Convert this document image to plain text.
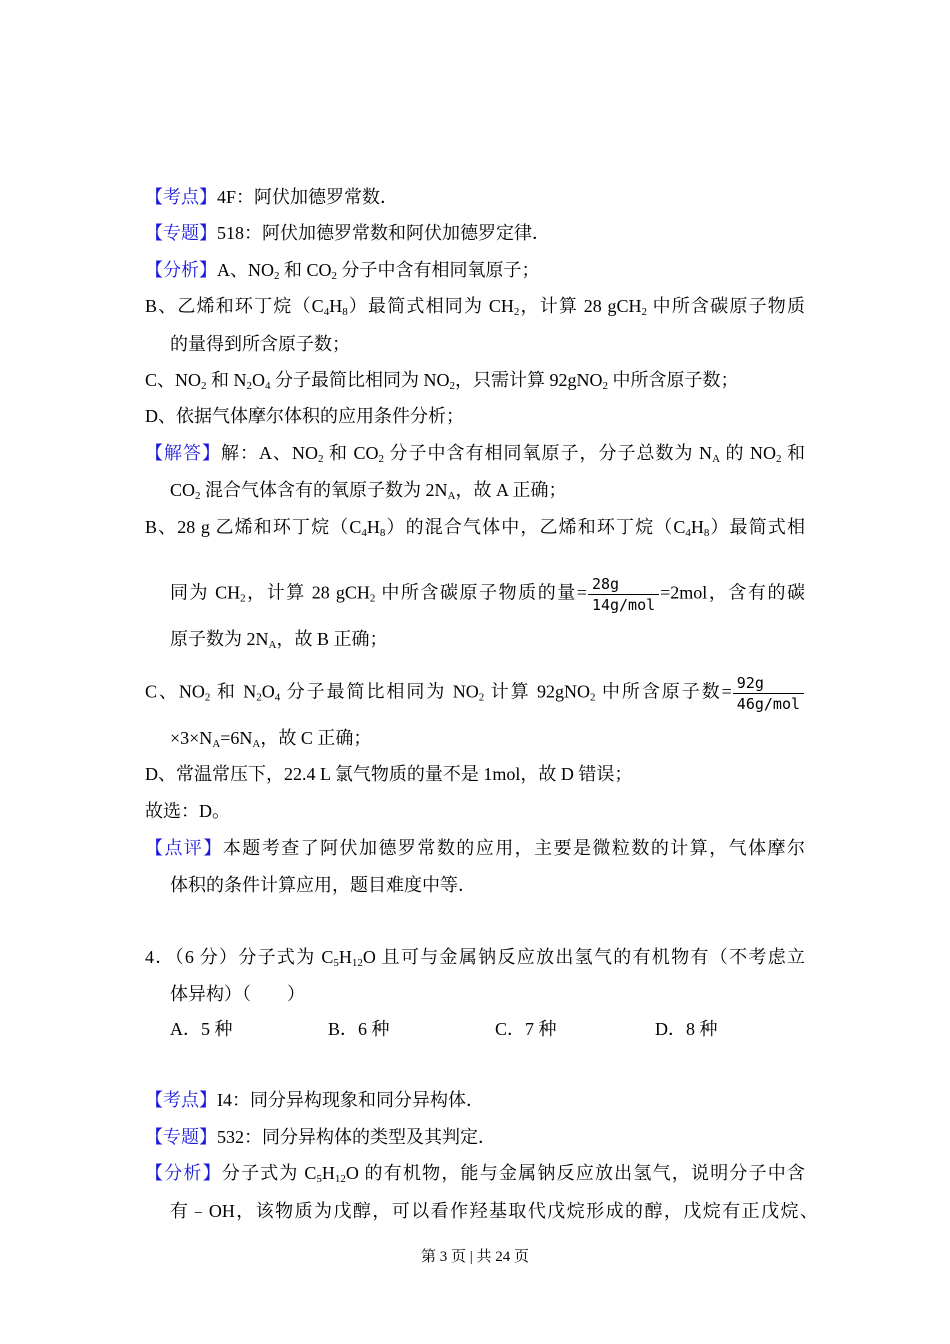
【考点】4F：阿伏加德罗常数．
【专题】518：阿伏加德罗常数和阿伏加德罗定律．
【分析】A、$NO_2$ 和 $CO_2$ 分子中含有相同氧原子；
B、乙烯和环丁烷$(C_4H_8)$最简式相同为 $CH_2$，计算 28 gCH$_2$ 中所含碳原子物质
的量得到所含原子数；
C、$NO_2$ 和 $N_2O_4$ 分子最简比相同为 $NO_2$，只需计算 92gNO$_2$ 中所含原子数；
D、依据气体摩尔体积的应用条件分析；
【解答】解：A、$NO_2$ 和 $CO_2$ 分子中含有相同氧原子，分子总数为 $N_A$ 的 $NO_2$ 和
$CO_2$ 混合气体含有的氧原子数为 $2N_A$，故 A 正确；
B、28 g 乙烯和环丁烷$(C_4H_8)$的混合气体中，乙烯和环丁烷$(C_4H_8)$最简式相
同为 $CH_2$，计算 28 gCH$_2$ 中所含碳原子物质的量= $\frac{28g}{\text{14g/mol}} =2mol$，含有的碳
原子数为 $2N_A$，故 B 正确；
C、$NO_2$ 和 $N_2O_4$ 分子最简比相同为 $NO_2$ 计算 92gNO$_2$ 中所含原子数= $\frac{92g}{\text{46g/mol}}$
$\times 3\times N_A=6N_A$，故 C 正确；
D、常温常压下，22.4 L 氯气物质的量不是 1mol，故 D 错误；
故选：D。
【点评】本题考查了阿伏加德罗常数的应用，主要是微粒数的计算，气体摩尔
体积的条件计算应用，题目难度中等．
4．（6 分）分子式为 $C_5H_{12}O$ 且可与金属钠反应放出氢气的有机物有（不考虑立
体异构）（　　）
【考点】I4：同分异构现象和同分异构体．
【专题】532：同分异构体的类型及其判定．
【分析】分子式为 $C_5H_{12}O$ 的有机物，能与金属钠反应放出氢气，说明分子中含
有﹣OH，该物质为戊醇，可以看作羟基取代戊烷形成的醇，戊烷有正戊烷、
A．5 种	B．6 种	C．7 种	D．8 种
第 3 页 | 共 24 页
